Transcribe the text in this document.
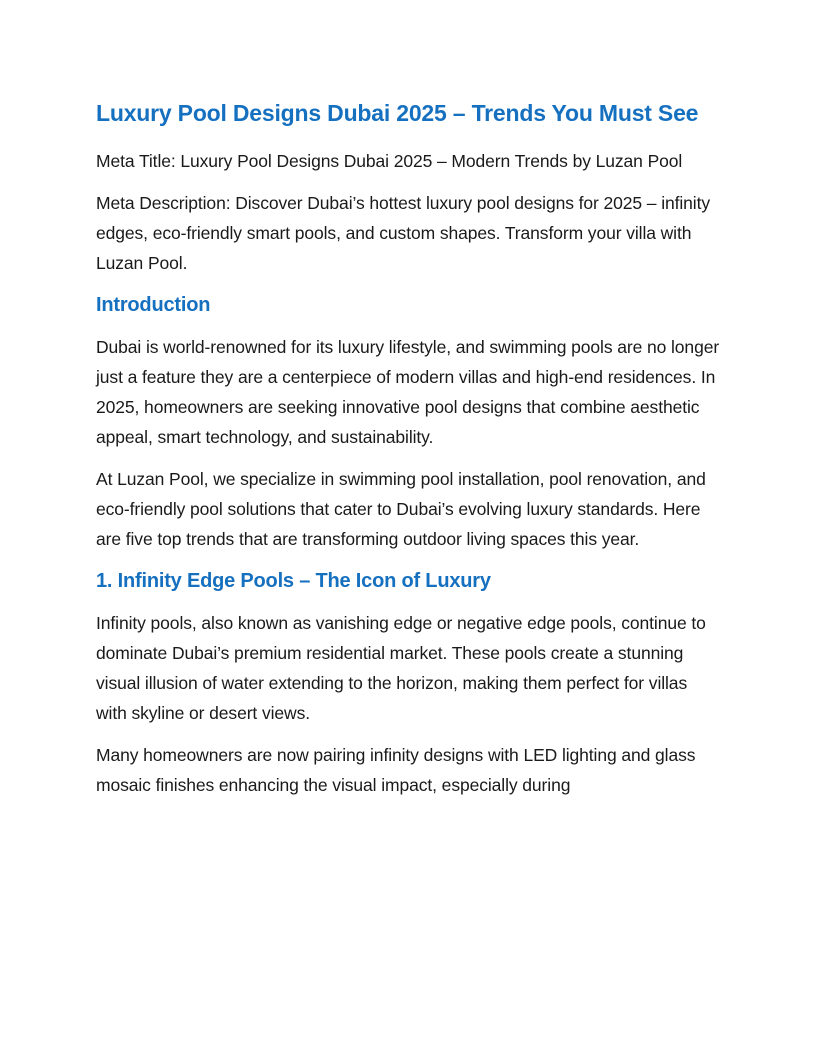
Luxury Pool Designs Dubai 2025 – Trends You Must See

Meta Title: Luxury Pool Designs Dubai 2025 – Modern Trends by Luzan Pool

Meta Description: Discover Dubai’s hottest luxury pool designs for 2025 – infinity edges, eco-friendly smart pools, and custom shapes. Transform your villa with Luzan Pool.

Introduction

Dubai is world-renowned for its luxury lifestyle, and swimming pools are no longer just a feature they are a centerpiece of modern villas and high-end residences. In 2025, homeowners are seeking innovative pool designs that combine aesthetic appeal, smart technology, and sustainability.

At Luzan Pool, we specialize in swimming pool installation, pool renovation, and eco-friendly pool solutions that cater to Dubai’s evolving luxury standards. Here are five top trends that are transforming outdoor living spaces this year.

1. Infinity Edge Pools – The Icon of Luxury

Infinity pools, also known as vanishing edge or negative edge pools, continue to dominate Dubai’s premium residential market. These pools create a stunning visual illusion of water extending to the horizon, making them perfect for villas with skyline or desert views.

Many homeowners are now pairing infinity designs with LED lighting and glass mosaic finishes enhancing the visual impact, especially during
